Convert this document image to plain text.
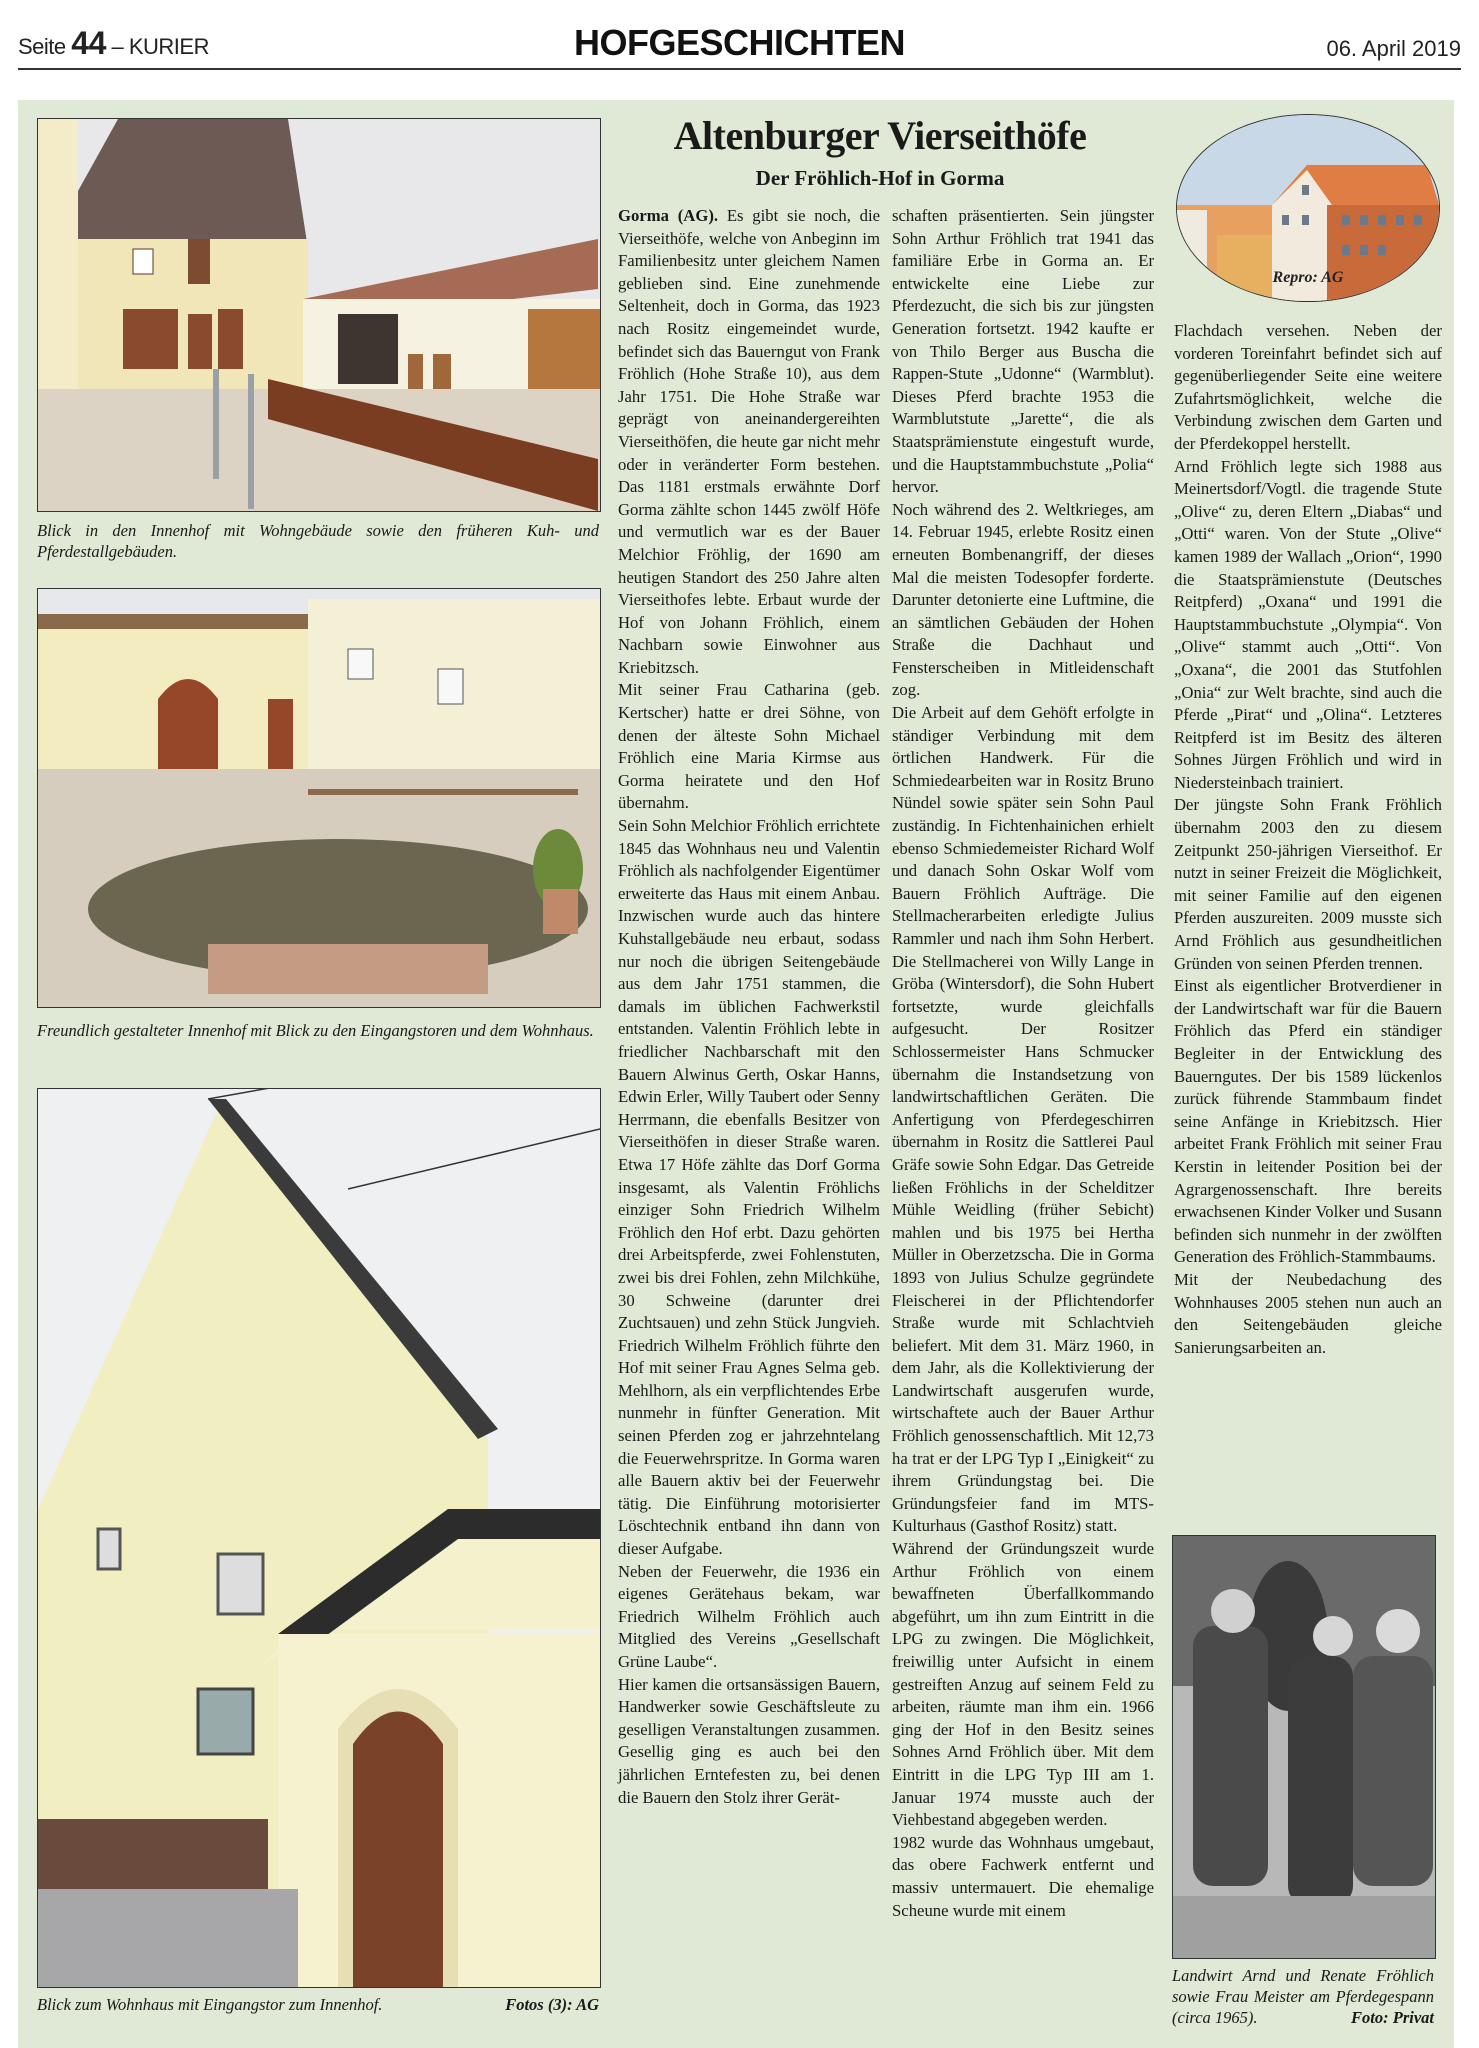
Seite 44 – KURIER	HOFGESCHICHTEN	06. April 2019
Blick in den Innenhof mit Wohngebäude sowie den früheren Kuh- und Pferdestallgebäuden.
Freundlich gestalteter Innenhof mit Blick zu den Eingangstoren und dem Wohnhaus.
Blick zum Wohnhaus mit Eingangstor zum Innenhof.	Fotos (3): AG
Altenburger Vierseithöfe
Der Fröhlich-Hof in Gorma

Gorma (AG). Es gibt sie noch, die Vierseithöfe, welche von Anbeginn im Familienbesitz unter gleichem Namen geblieben sind. Eine zunehmende Seltenheit, doch in Gorma, das 1923 nach Rositz eingemeindet wurde, befindet sich das Bauerngut von Frank Fröhlich (Hohe Straße 10), aus dem Jahr 1751. Die Hohe Straße war geprägt von aneinandergereihten Vierseithöfen, die heute gar nicht mehr oder in veränderter Form bestehen. Das 1181 erstmals erwähnte Dorf Gorma zählte schon 1445 zwölf Höfe und vermutlich war es der Bauer Melchior Fröhlig, der 1690 am heutigen Standort des 250 Jahre alten Vierseithofes lebte. Erbaut wurde der Hof von Johann Fröhlich, einem Nachbarn sowie Einwohner aus Kriebitzsch.

Mit seiner Frau Catharina (geb. Kertscher) hatte er drei Söhne, von denen der älteste Sohn Michael Fröhlich eine Maria Kirmse aus Gorma heiratete und den Hof übernahm.

Sein Sohn Melchior Fröhlich errichtete 1845 das Wohnhaus neu und Valentin Fröhlich als nachfolgender Eigentümer erweiterte das Haus mit einem Anbau. Inzwischen wurde auch das hintere Kuhstallgebäude neu erbaut, sodass nur noch die übrigen Seitengebäude aus dem Jahr 1751 stammen, die damals im üblichen Fachwerkstil entstanden. Valentin Fröhlich lebte in friedlicher Nachbarschaft mit den Bauern Alwinus Gerth, Oskar Hanns, Edwin Erler, Willy Taubert oder Senny Herrmann, die ebenfalls Besitzer von Vierseithöfen in dieser Straße waren. Etwa 17 Höfe zählte das Dorf Gorma insgesamt, als Valentin Fröhlichs einziger Sohn Friedrich Wilhelm Fröhlich den Hof erbt. Dazu gehörten drei Arbeitspferde, zwei Fohlenstuten, zwei bis drei Fohlen, zehn Milchkühe, 30 Schweine (darunter drei Zuchtsauen) und zehn Stück Jungvieh. Friedrich Wilhelm Fröhlich führte den Hof mit seiner Frau Agnes Selma geb. Mehlhorn, als ein verpflichtendes Erbe nunmehr in fünfter Generation. Mit seinen Pferden zog er jahrzehntelang die Feuerwehrspritze. In Gorma waren alle Bauern aktiv bei der Feuerwehr tätig. Die Einführung motorisierter Löschtechnik entband ihn dann von dieser Aufgabe.

Neben der Feuerwehr, die 1936 ein eigenes Gerätehaus bekam, war Friedrich Wilhelm Fröhlich auch Mitglied des Vereins „Gesellschaft Grüne Laube“.

Hier kamen die ortsansässigen Bauern, Handwerker sowie Geschäftsleute zu geselligen Veranstaltungen zusammen. Gesellig ging es auch bei den jährlichen Erntefesten zu, bei denen die Bauern den Stolz ihrer Gerät-

schaften präsentierten. Sein jüngster Sohn Arthur Fröhlich trat 1941 das familiäre Erbe in Gorma an. Er entwickelte eine Liebe zur Pferdezucht, die sich bis zur jüngsten Generation fortsetzt. 1942 kaufte er von Thilo Berger aus Buscha die Rappen-Stute „Udonne“ (Warmblut). Dieses Pferd brachte 1953 die Warmblutstute „Jarette“, die als Staatsprämienstute eingestuft wurde, und die Hauptstammbuchstute „Polia“ hervor.

Noch während des 2. Weltkrieges, am 14. Februar 1945, erlebte Rositz einen erneuten Bombenangriff, der dieses Mal die meisten Todesopfer forderte. Darunter detonierte eine Luftmine, die an sämtlichen Gebäuden der Hohen Straße die Dachhaut und Fensterscheiben in Mitleidenschaft zog.

Die Arbeit auf dem Gehöft erfolgte in ständiger Verbindung mit dem örtlichen Handwerk. Für die Schmiedearbeiten war in Rositz Bruno Nündel sowie später sein Sohn Paul zuständig. In Fichtenhainichen erhielt ebenso Schmiedemeister Richard Wolf und danach Sohn Oskar Wolf vom Bauern Fröhlich Aufträge. Die Stellmacherarbeiten erledigte Julius Rammler und nach ihm Sohn Herbert. Die Stellmacherei von Willy Lange in Gröba (Wintersdorf), die Sohn Hubert fortsetzte, wurde gleichfalls aufgesucht. Der Rositzer Schlossermeister Hans Schmucker übernahm die Instandsetzung von landwirtschaftlichen Geräten. Die Anfertigung von Pferdegeschirren übernahm in Rositz die Sattlerei Paul Gräfe sowie Sohn Edgar. Das Getreide ließen Fröhlichs in der Schelditzer Mühle Weidling (früher Sebicht) mahlen und bis 1975 bei Hertha Müller in Oberzetzscha. Die in Gorma 1893 von Julius Schulze gegründete Fleischerei in der Pflichtendorfer Straße wurde mit Schlachtvieh beliefert. Mit dem 31. März 1960, in dem Jahr, als die Kollektivierung der Landwirtschaft ausgerufen wurde, wirtschaftete auch der Bauer Arthur Fröhlich genossenschaftlich. Mit 12,73 ha trat er der LPG Typ I „Einigkeit“ zu ihrem Gründungstag bei. Die Gründungsfeier fand im MTS-Kulturhaus (Gasthof Rositz) statt.

Während der Gründungszeit wurde Arthur Fröhlich von einem bewaffneten Überfallkommando abgeführt, um ihn zum Eintritt in die LPG zu zwingen. Die Möglichkeit, freiwillig unter Aufsicht in einem gestreiften Anzug auf seinem Feld zu arbeiten, räumte man ihm ein. 1966 ging der Hof in den Besitz seines Sohnes Arnd Fröhlich über. Mit dem Eintritt in die LPG Typ III am 1. Januar 1974 musste auch der Viehbestand abgegeben werden.

1982 wurde das Wohnhaus umgebaut, das obere Fachwerk entfernt und massiv untermauert. Die ehemalige Scheune wurde mit einem

Repro: AG

Flachdach versehen. Neben der vorderen Toreinfahrt befindet sich auf gegenüberliegender Seite eine weitere Zufahrtsmöglichkeit, welche die Verbindung zwischen dem Garten und der Pferdekoppel herstellt.

Arnd Fröhlich legte sich 1988 aus Meinertsdorf/Vogtl. die tragende Stute „Olive“ zu, deren Eltern „Diabas“ und „Otti“ waren. Von der Stute „Olive“ kamen 1989 der Wallach „Orion“, 1990 die Staatsprämienstute (Deutsches Reitpferd) „Oxana“ und 1991 die Hauptstammbuchstute „Olympia“. Von „Olive“ stammt auch „Otti“. Von „Oxana“, die 2001 das Stutfohlen „Onia“ zur Welt brachte, sind auch die Pferde „Pirat“ und „Olina“. Letzteres Reitpferd ist im Besitz des älteren Sohnes Jürgen Fröhlich und wird in Niedersteinbach trainiert.

Der jüngste Sohn Frank Fröhlich übernahm 2003 den zu diesem Zeitpunkt 250-jährigen Vierseithof. Er nutzt in seiner Freizeit die Möglichkeit, mit seiner Familie auf den eigenen Pferden auszureiten. 2009 musste sich Arnd Fröhlich aus gesundheitlichen Gründen von seinen Pferden trennen.

Einst als eigentlicher Brotverdiener in der Landwirtschaft war für die Bauern Fröhlich das Pferd ein ständiger Begleiter in der Entwicklung des Bauerngutes. Der bis 1589 lückenlos zurück führende Stammbaum findet seine Anfänge in Kriebitzsch. Hier arbeitet Frank Fröhlich mit seiner Frau Kerstin in leitender Position bei der Agrargenossenschaft. Ihre bereits erwachsenen Kinder Volker und Susann befinden sich nunmehr in der zwölften Generation des Fröhlich-Stammbaums.

Mit der Neubedachung des Wohnhauses 2005 stehen nun auch an den Seitengebäuden gleiche Sanierungsarbeiten an.

Landwirt Arnd und Renate Fröhlich sowie Frau Meister am Pferdegespann (circa 1965).	Foto: Privat
